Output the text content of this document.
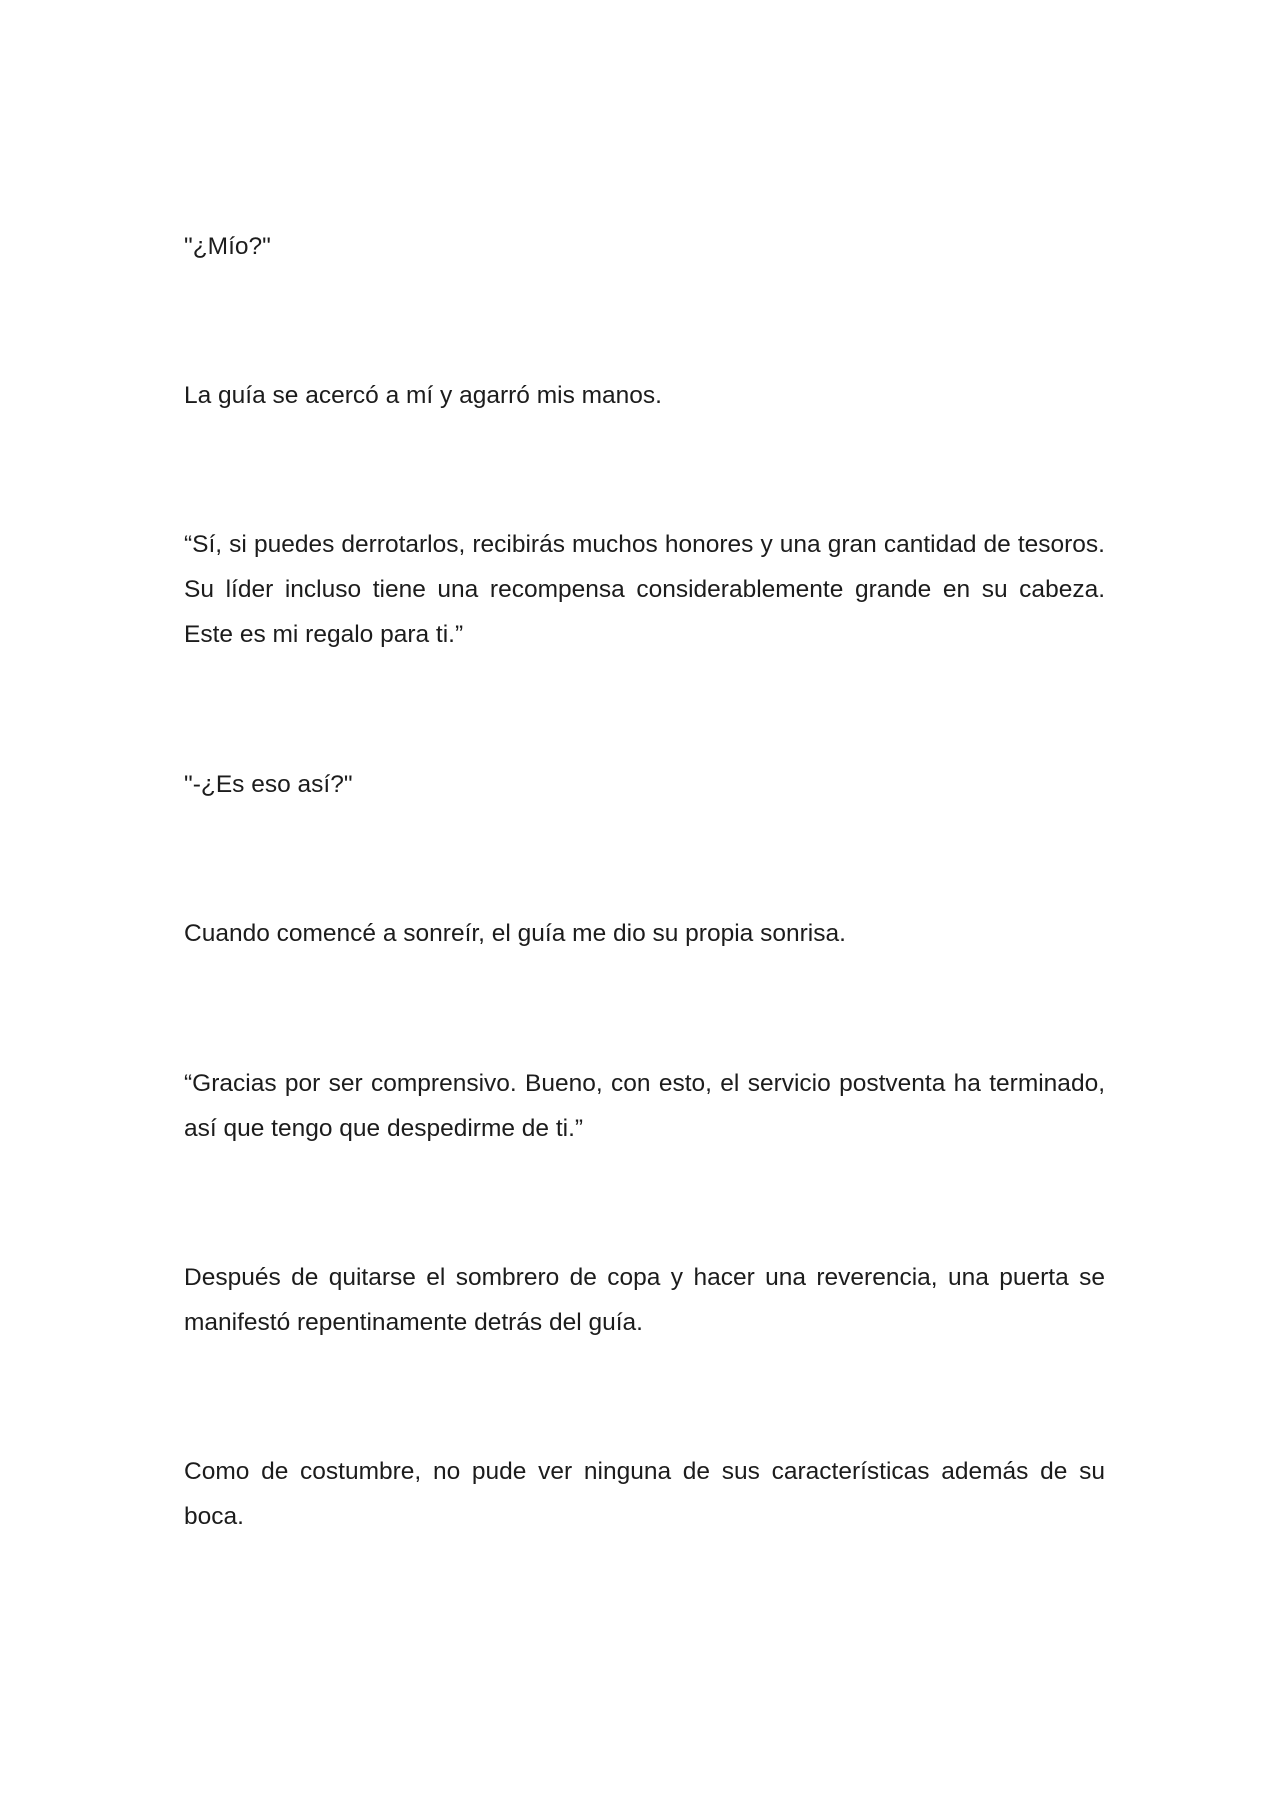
"¿Mío?"

La guía se acercó a mí y agarró mis manos.

“Sí, si puedes derrotarlos, recibirás muchos honores y una gran cantidad de tesoros. Su líder incluso tiene una recompensa considerablemente grande en su cabeza. Este es mi regalo para ti.”

"-¿Es eso así?"

Cuando comencé a sonreír, el guía me dio su propia sonrisa.

“Gracias por ser comprensivo. Bueno, con esto, el servicio postventa ha terminado, así que tengo que despedirme de ti.”

Después de quitarse el sombrero de copa y hacer una reverencia, una puerta se manifestó repentinamente detrás del guía.

Como de costumbre, no pude ver ninguna de sus características además de su boca.
